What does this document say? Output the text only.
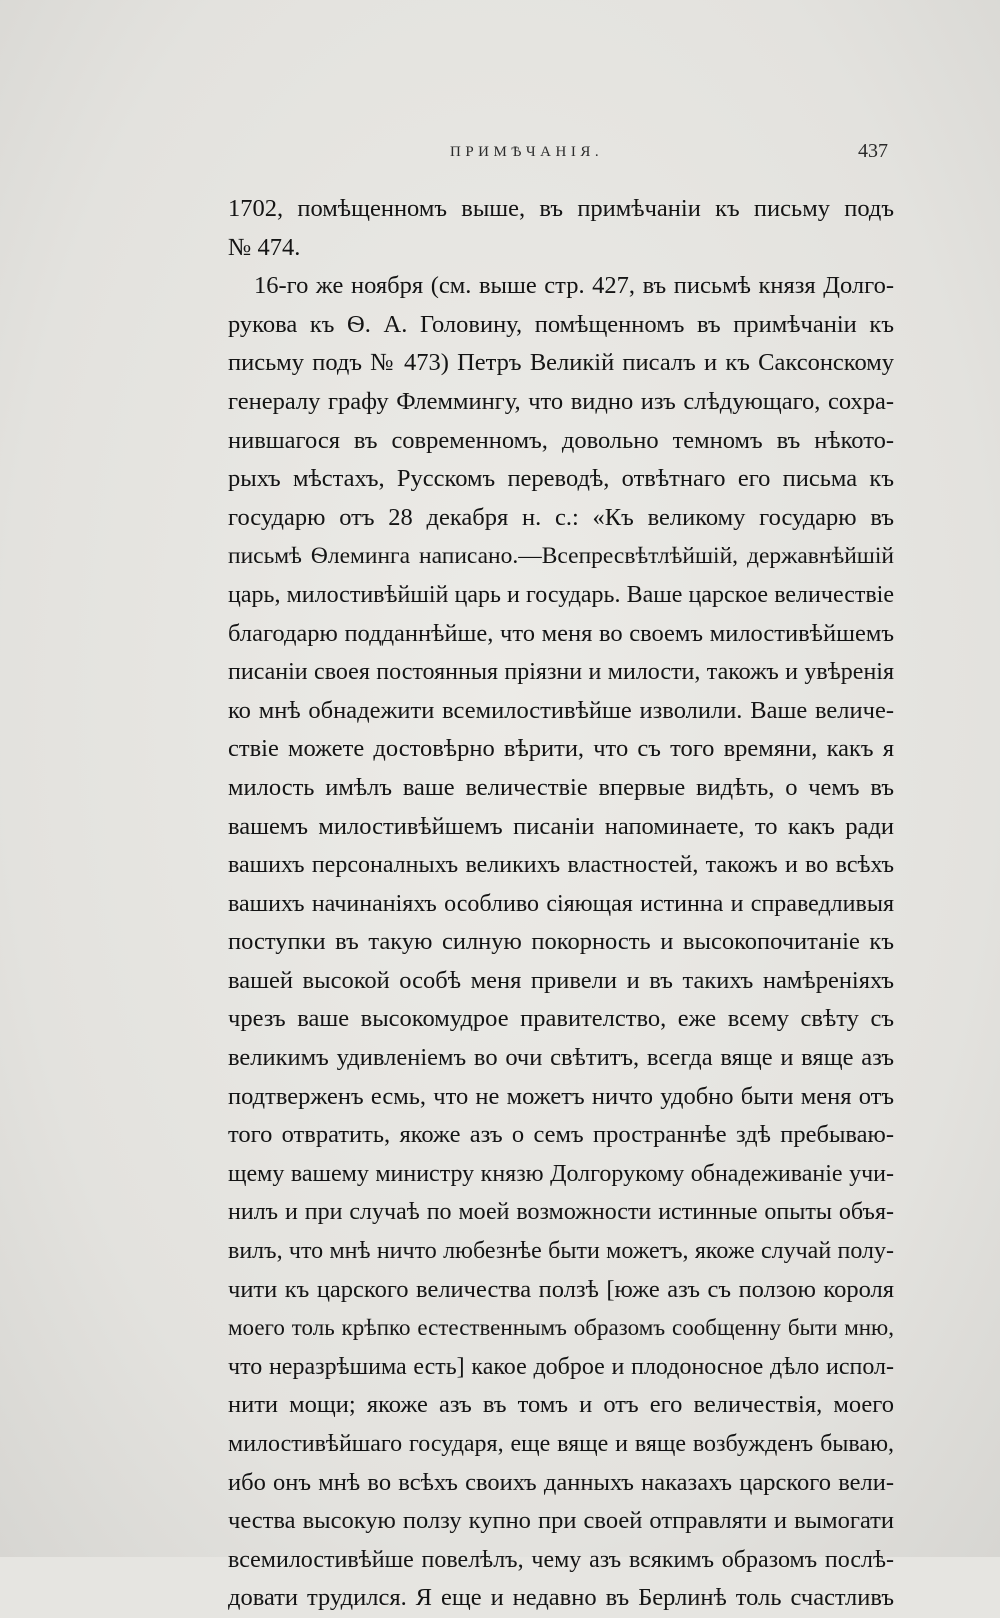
ПРИМѢЧАНІЯ.	437
1702, помѣщенномъ выше, въ примѣчаніи къ письму подъ
№ 474.
16-го же ноября (см. выше стр. 427, въ письмѣ князя Долго-
рукова къ Ѳ. А. Головину, помѣщенномъ въ примѣчаніи къ
письму подъ № 473) Петръ Великій писалъ и къ Саксонскому
генералу графу Флеммингу, что видно изъ слѣдующаго, сохра-
нившагося въ современномъ, довольно темномъ въ нѣкото-
рыхъ мѣстахъ, Русскомъ переводѣ, отвѣтнаго его письма къ
государю отъ 28 декабря н. с.: «Къ великому государю въ
письмѣ Ѳлеминга написано.—Всепресвѣтлѣйшій, державнѣйшій
царь, милостивѣйшій царь и государь. Ваше царское величествіе
благодарю подданнѣйше, что меня во своемъ милостивѣйшемъ
писаніи своея постоянныя пріязни и милости, такожъ и увѣренія
ко мнѣ обнадежити всемилостивѣйше изволили. Ваше величе-
ствіе можете достовѣрно вѣрити, что съ того времяни, какъ я
милость имѣлъ ваше величествіе впервые видѣть, о чемъ въ
вашемъ милостивѣйшемъ писаніи напоминаете, то какъ ради
вашихъ персоналныхъ великихъ властностей, такожъ и во всѣхъ
вашихъ начинаніяхъ особливо сіяющая истинна и справедливыя
поступки въ такую силную покорность и высокопочитаніе къ
вашей высокой особѣ меня привели и въ такихъ намѣреніяхъ
чрезъ ваше высокомудрое правителство, еже всему свѣту съ
великимъ удивленіемъ во очи свѣтитъ, всегда вяще и вяще азъ
подтверженъ есмь, что не можетъ ничто удобно быти меня отъ
того отвратить, якоже азъ о семъ пространнѣе здѣ пребываю-
щему вашему министру князю Долгорукому обнадеживаніе учи-
нилъ и при случаѣ по моей возможности истинные опыты объя-
вилъ, что мнѣ ничто любезнѣе быти можетъ, якоже случай полу-
чити къ царского величества ползѣ [юже азъ съ ползою короля
моего толь крѣпко естественнымъ образомъ сообщенну быти мню,
что неразрѣшима есть] какое доброе и плодоносное дѣло испол-
нити мощи; якоже азъ въ томъ и отъ его величествія, моего
милостивѣйшаго государя, еще вяще и вяще возбужденъ бываю,
ибо онъ мнѣ во всѣхъ своихъ данныхъ наказахъ царского вели-
чества высокую ползу купно при своей отправляти и вымогати
всемилостивѣйше повелѣлъ, чему азъ всякимъ образомъ послѣ-
довати трудился. Я еще и недавно въ Берлинѣ толь счастливъ
